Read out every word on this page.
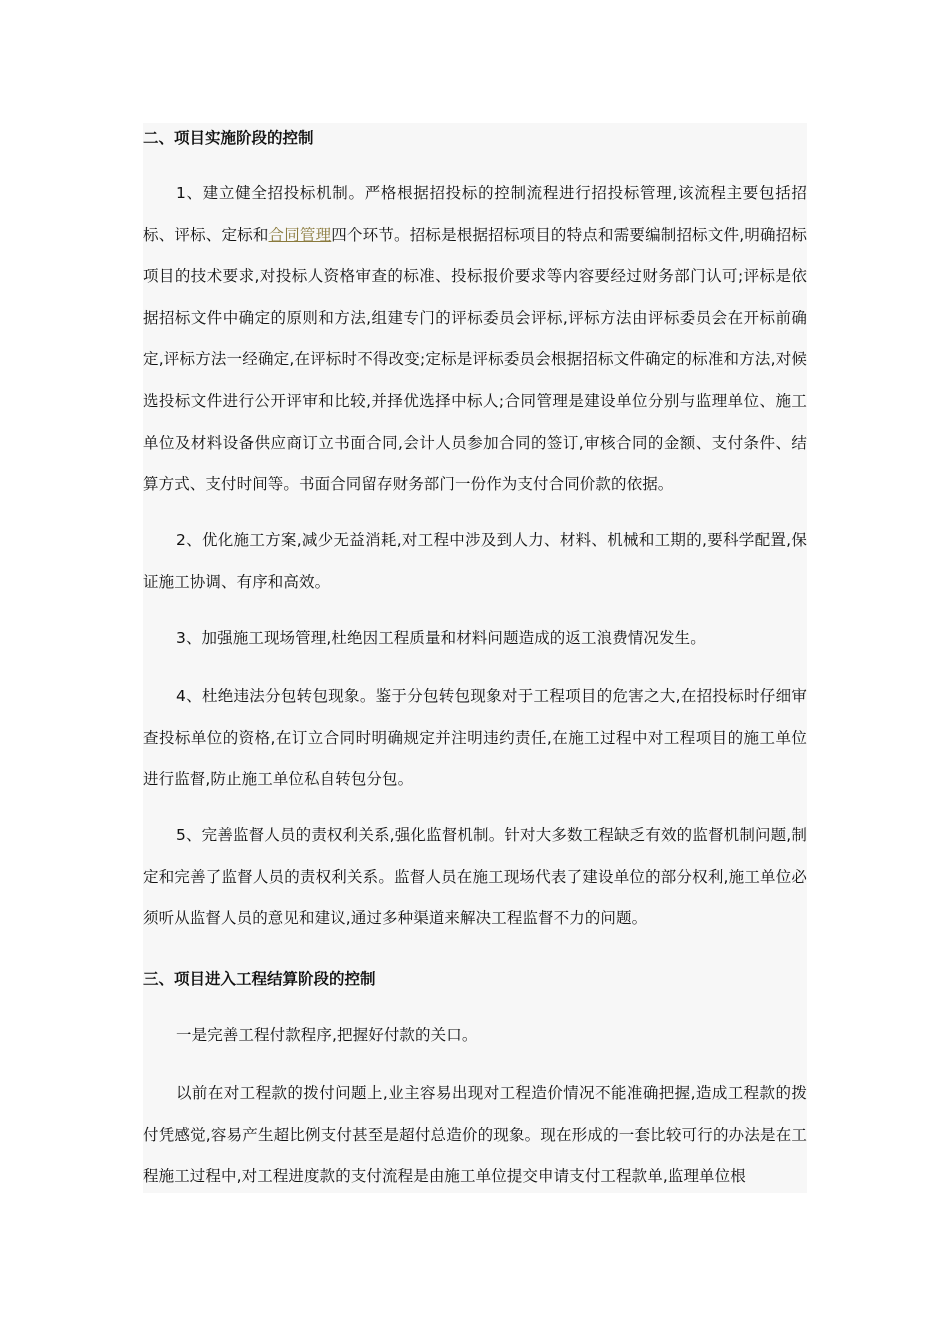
二、项目实施阶段的控制

1、建立健全招投标机制。严格根据招投标的控制流程进行招投标管理,该流程主要包括招标、评标、定标和合同管理四个环节。招标是根据招标项目的特点和需要编制招标文件,明确招标项目的技术要求,对投标人资格审查的标准、投标报价要求等内容要经过财务部门认可;评标是依据招标文件中确定的原则和方法,组建专门的评标委员会评标,评标方法由评标委员会在开标前确定,评标方法一经确定,在评标时不得改变;定标是评标委员会根据招标文件确定的标准和方法,对候选投标文件进行公开评审和比较,并择优选择中标人;合同管理是建设单位分别与监理单位、施工单位及材料设备供应商订立书面合同,会计人员参加合同的签订,审核合同的金额、支付条件、结算方式、支付时间等。书面合同留存财务部门一份作为支付合同价款的依据。

2、优化施工方案,减少无益消耗,对工程中涉及到人力、材料、机械和工期的,要科学配置,保证施工协调、有序和高效。

3、加强施工现场管理,杜绝因工程质量和材料问题造成的返工浪费情况发生。

4、杜绝违法分包转包现象。鉴于分包转包现象对于工程项目的危害之大,在招投标时仔细审查投标单位的资格,在订立合同时明确规定并注明违约责任,在施工过程中对工程项目的施工单位进行监督,防止施工单位私自转包分包。

5、完善监督人员的责权利关系,强化监督机制。针对大多数工程缺乏有效的监督机制问题,制定和完善了监督人员的责权利关系。监督人员在施工现场代表了建设单位的部分权利,施工单位必须听从监督人员的意见和建议,通过多种渠道来解决工程监督不力的问题。

三、项目进入工程结算阶段的控制

一是完善工程付款程序,把握好付款的关口。

以前在对工程款的拨付问题上,业主容易出现对工程造价情况不能准确把握,造成工程款的拨付凭感觉,容易产生超比例支付甚至是超付总造价的现象。现在形成的一套比较可行的办法是在工程施工过程中,对工程进度款的支付流程是由施工单位提交申请支付工程款单,监理单位根
